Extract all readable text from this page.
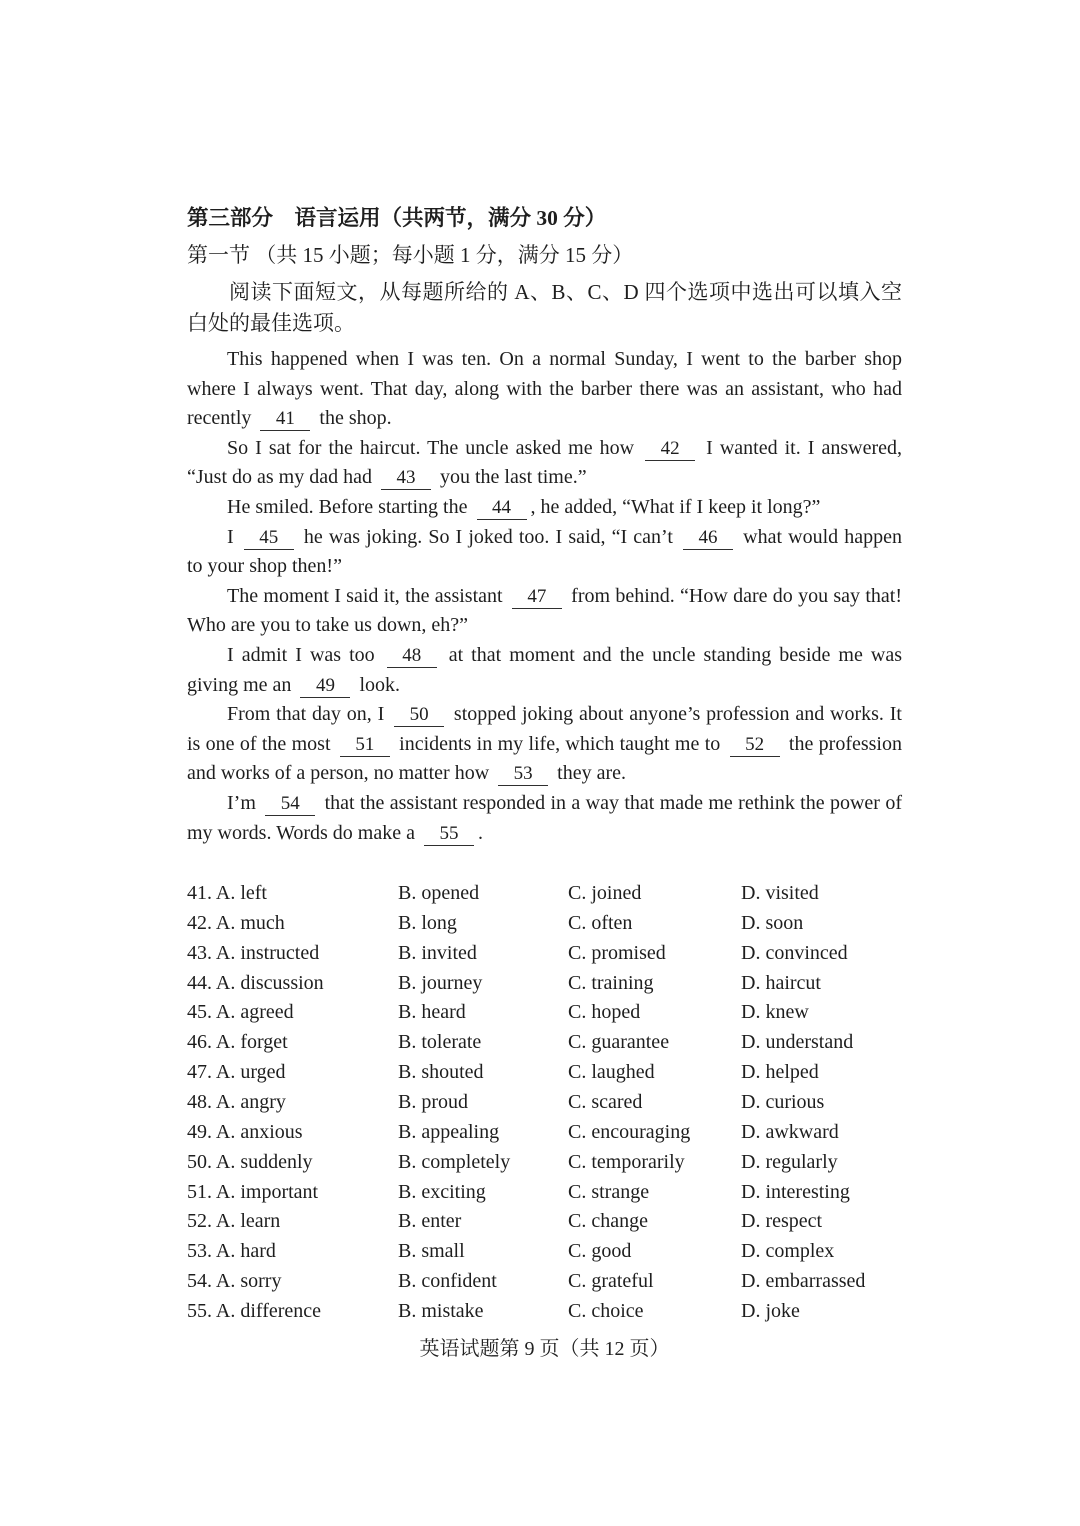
第三部分　语言运用（共两节，满分 30 分）

第一节 （共 15 小题；每小题 1 分，满分 15 分）

阅读下面短文，从每题所给的 A、B、C、D 四个选项中选出可以填入空白处的最佳选项。

This happened when I was ten. On a normal Sunday, I went to the barber shop where I always went. That day, along with the barber there was an assistant, who had recently 41 the shop.

So I sat for the haircut. The uncle asked me how 42 I wanted it. I answered, “Just do as my dad had 43 you the last time.”

He smiled. Before starting the 44 , he added, “What if I keep it long?”

I 45 he was joking. So I joked too. I said, “I can’t 46 what would happen to your shop then!”

The moment I said it, the assistant 47 from behind. “How dare do you say that! Who are you to take us down, eh?”

I admit I was too 48 at that moment and the uncle standing beside me was giving me an 49 look.

From that day on, I 50 stopped joking about anyone’s profession and works. It is one of the most 51 incidents in my life, which taught me to 52 the profession and works of a person, no matter how 53 they are.

I’m 54 that the assistant responded in a way that made me rethink the power of my words. Words do make a 55 .

41. A. left	B. opened	C. joined	D. visited
42. A. much	B. long	C. often	D. soon
43. A. instructed	B. invited	C. promised	D. convinced
44. A. discussion	B. journey	C. training	D. haircut
45. A. agreed	B. heard	C. hoped	D. knew
46. A. forget	B. tolerate	C. guarantee	D. understand
47. A. urged	B. shouted	C. laughed	D. helped
48. A. angry	B. proud	C. scared	D. curious
49. A. anxious	B. appealing	C. encouraging	D. awkward
50. A. suddenly	B. completely	C. temporarily	D. regularly
51. A. important	B. exciting	C. strange	D. interesting
52. A. learn	B. enter	C. change	D. respect
53. A. hard	B. small	C. good	D. complex
54. A. sorry	B. confident	C. grateful	D. embarrassed
55. A. difference	B. mistake	C. choice	D. joke
英语试题第 9 页（共 12 页）
